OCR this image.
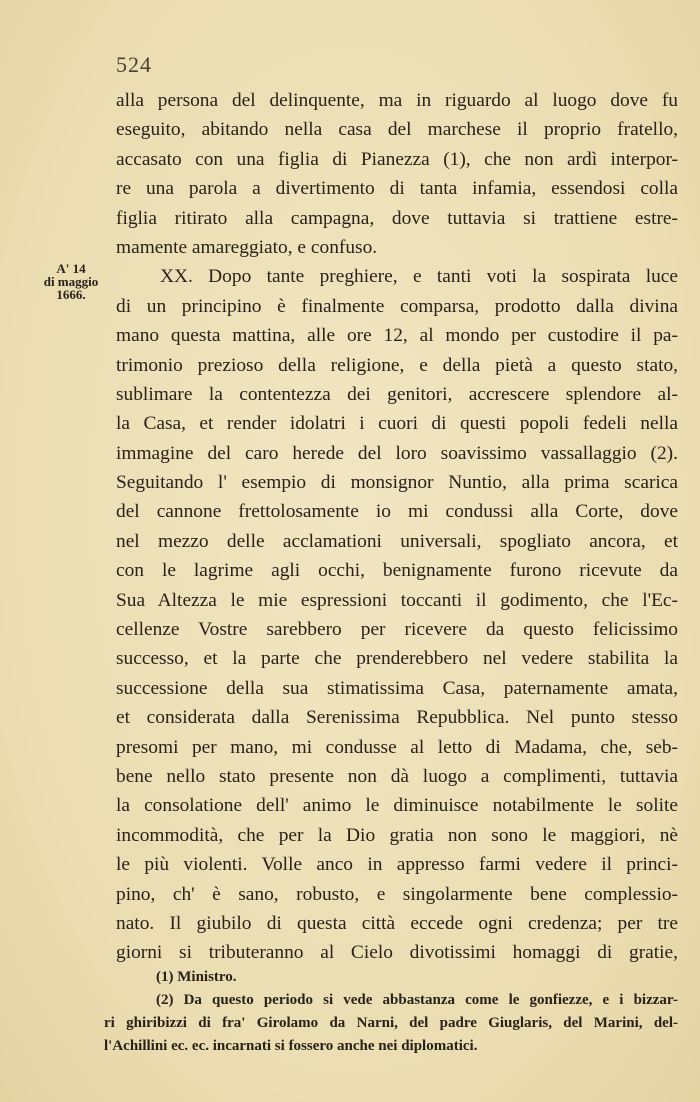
524
A' 14
di maggio
1666.
alla persona del delinquente, ma in riguardo al luogo dove fu
eseguito, abitando nella casa del marchese il proprio fratello,
accasato con una figlia di Pianezza (1), che non ardì interpor-
re una parola a divertimento di tanta infamia, essendosi colla
figlia ritirato alla campagna, dove tuttavia si trattiene estre-
mamente amareggiato, e confuso.
XX. Dopo tante preghiere, e tanti voti la sospirata luce
di un principino è finalmente comparsa, prodotto dalla divina
mano questa mattina, alle ore 12, al mondo per custodire il pa-
trimonio prezioso della religione, e della pietà a questo stato,
sublimare la contentezza dei genitori, accrescere splendore al-
la Casa, et render idolatri i cuori di questi popoli fedeli nella
immagine del caro herede del loro soavissimo vassallaggio (2).
Seguitando l' esempio di monsignor Nuntio, alla prima scarica
del cannone frettolosamente io mi condussi alla Corte, dove
nel mezzo delle acclamationi universali, spogliato ancora, et
con le lagrime agli occhi, benignamente furono ricevute da
Sua Altezza le mie espressioni toccanti il godimento, che l'Ec-
cellenze Vostre sarebbero per ricevere da questo felicissimo
successo, et la parte che prenderebbero nel vedere stabilita la
successione della sua stimatissima Casa, paternamente amata,
et considerata dalla Serenissima Repubblica. Nel punto stesso
presomi per mano, mi condusse al letto di Madama, che, seb-
bene nello stato presente non dà luogo a complimenti, tuttavia
la consolatione dell' animo le diminuisce notabilmente le solite
incommodità, che per la Dio gratia non sono le maggiori, nè
le più violenti. Volle anco in appresso farmi vedere il princi-
pino, ch' è sano, robusto, e singolarmente bene complessio-
nato. Il giubilo di questa città eccede ogni credenza; per tre
giorni si tributeranno al Cielo divotissimi homaggi di gratie,
(1) Ministro.
(2) Da questo periodo si vede abbastanza come le gonfiezze, e i bizzar-
ri ghiribizzi di fra' Girolamo da Narni, del padre Giuglaris, del Marini, del-
l'Achillini ec. ec. incarnati si fossero anche nei diplomatici.
